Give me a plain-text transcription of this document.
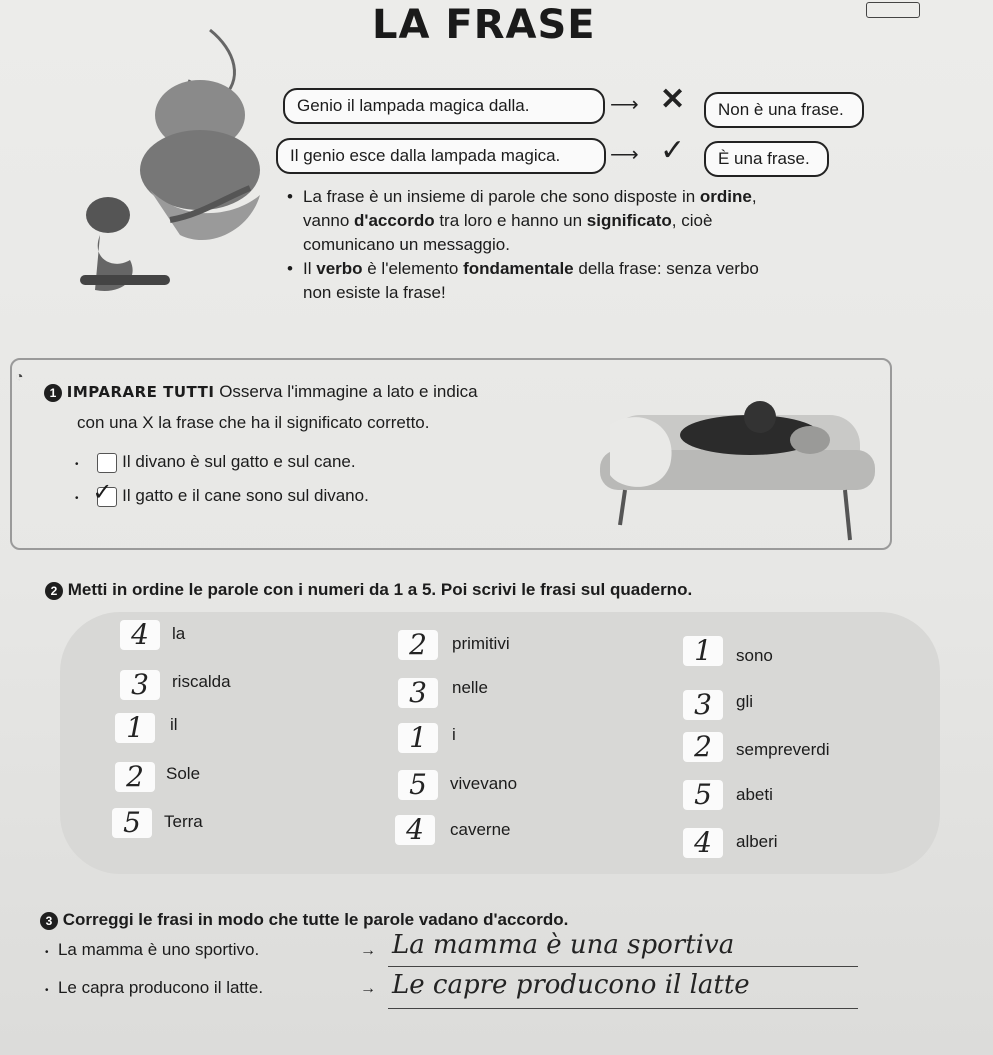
LA FRASE
Genio il lampada magica dalla.	⟶ ✕	Non è una frase.
Il genio esce dalla lampada magica.	⟶ ✓	È una frase.
• La frase è un insieme di parole che sono disposte in ordine,
vanno d'accordo tra loro e hanno un significato, cioè
comunicano un messaggio.
• Il verbo è l'elemento fondamentale della frase: senza verbo
non esiste la frase!
◔
1 IMPARARE TUTTI Osserva l'immagine a lato e indica
con una X la frase che ha il significato corretto.
•	Il divano è sul gatto e sul cane.
• ✓ Il gatto e il cane sono sul divano.
2 Metti in ordine le parole con i numeri da 1 a 5. Poi scrivi le frasi sul quaderno.
4	la
3	riscalda
1	il
2	Sole
5	Terra
2	primitivi
3	nelle
1	i
5	vivevano
4	caverne
1	sono
3	gli
2	sempreverdi
5	abeti
4	alberi
3 Correggi le frasi in modo che tutte le parole vadano d'accordo.
• La mamma è uno sportivo.	→ La mamma è una sportiva
• Le capra producono il latte.	→ Le capre producono il latte
